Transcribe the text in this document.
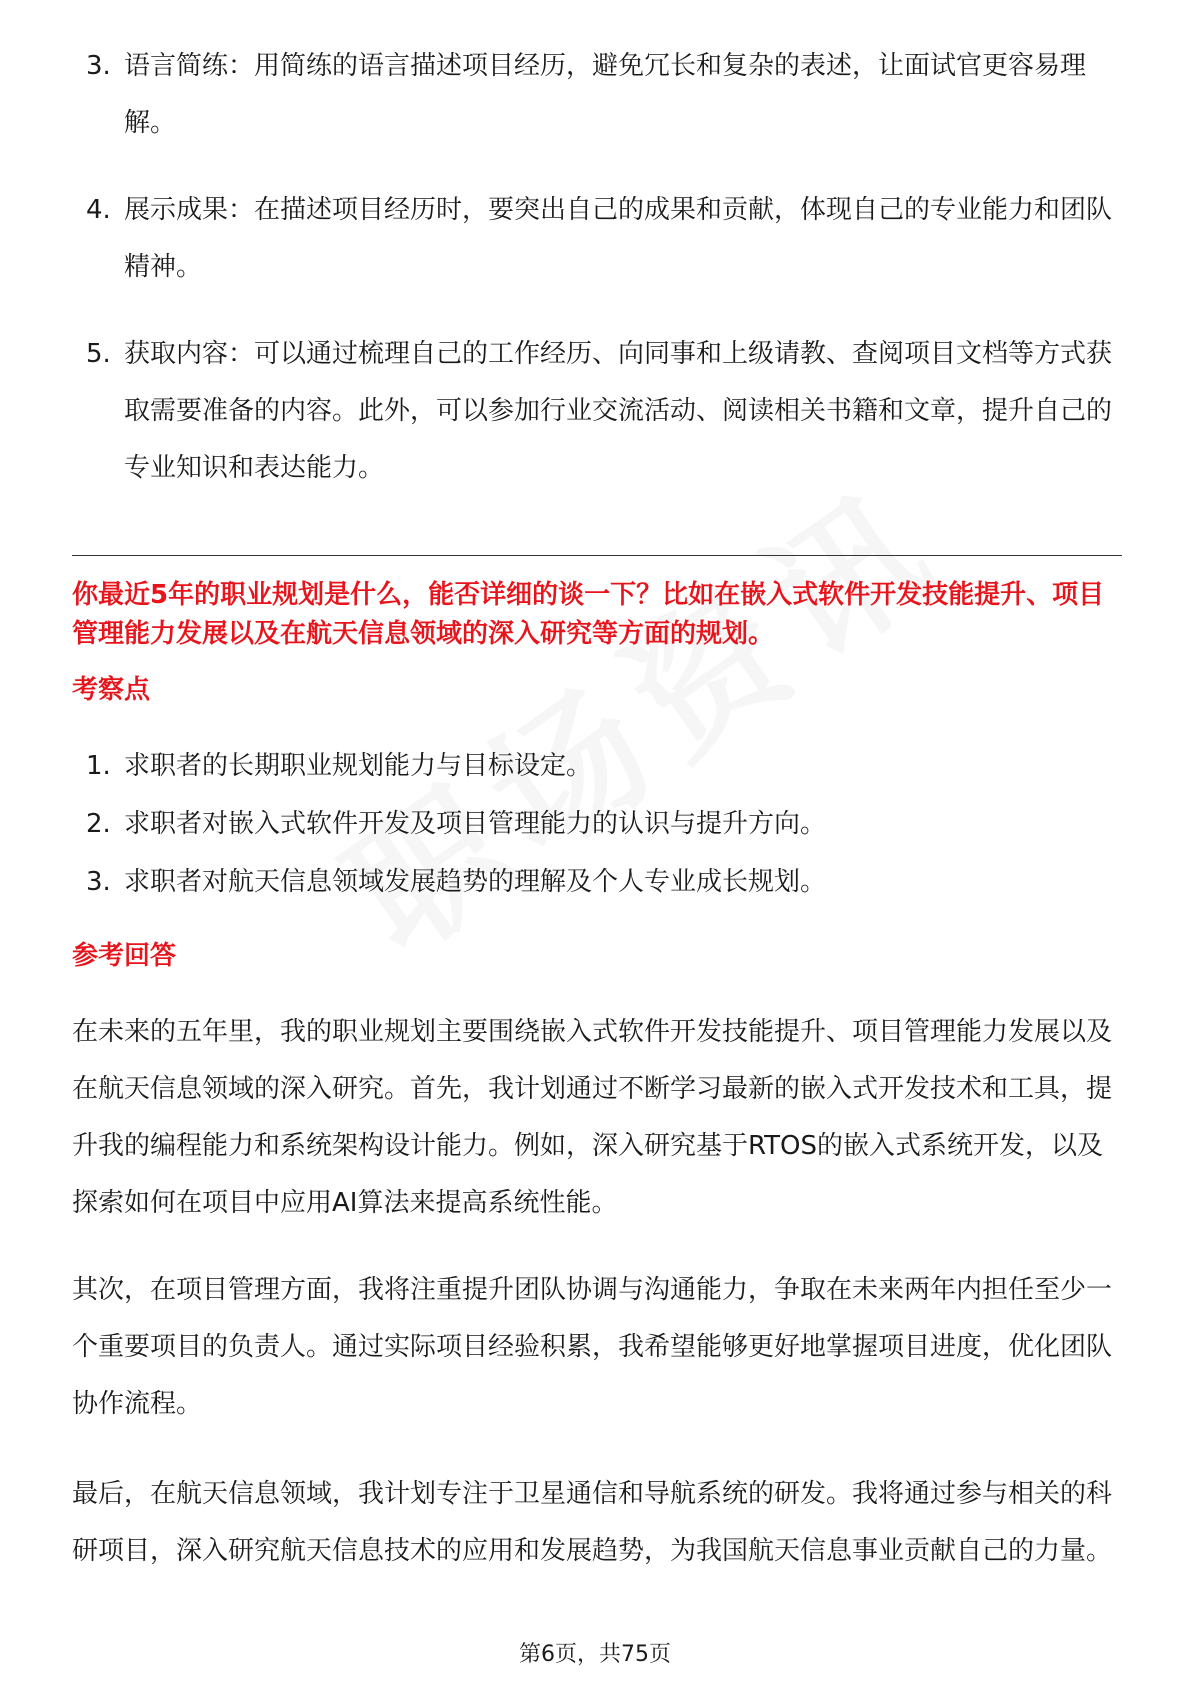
3. 语言简练：用简练的语言描述项目经历，避免冗长和复杂的表述，让面试官更容易理解。
4. 展示成果：在描述项目经历时，要突出自己的成果和贡献，体现自己的专业能力和团队精神。
5. 获取内容：可以通过梳理自己的工作经历、向同事和上级请教、查阅项目文档等方式获取需要准备的内容。此外，可以参加行业交流活动、阅读相关书籍和文章，提升自己的专业知识和表达能力。
你最近5年的职业规划是什么，能否详细的谈一下？比如在嵌入式软件开发技能提升、项目管理能力发展以及在航天信息领域的深入研究等方面的规划。
考察点
1. 求职者的长期职业规划能力与目标设定。
2. 求职者对嵌入式软件开发及项目管理能力的认识与提升方向。
3. 求职者对航天信息领域发展趋势的理解及个人专业成长规划。
参考回答

在未来的五年里，我的职业规划主要围绕嵌入式软件开发技能提升、项目管理能力发展以及在航天信息领域的深入研究。首先，我计划通过不断学习最新的嵌入式开发技术和工具，提升我的编程能力和系统架构设计能力。例如，深入研究基于RTOS的嵌入式系统开发，以及探索如何在项目中应用AI算法来提高系统性能。

其次，在项目管理方面，我将注重提升团队协调与沟通能力，争取在未来两年内担任至少一个重要项目的负责人。通过实际项目经验积累，我希望能够更好地掌握项目进度，优化团队协作流程。

最后，在航天信息领域，我计划专注于卫星通信和导航系统的研发。我将通过参与相关的科研项目，深入研究航天信息技术的应用和发展趋势，为我国航天信息事业贡献自己的力量。

第6页，共75页
